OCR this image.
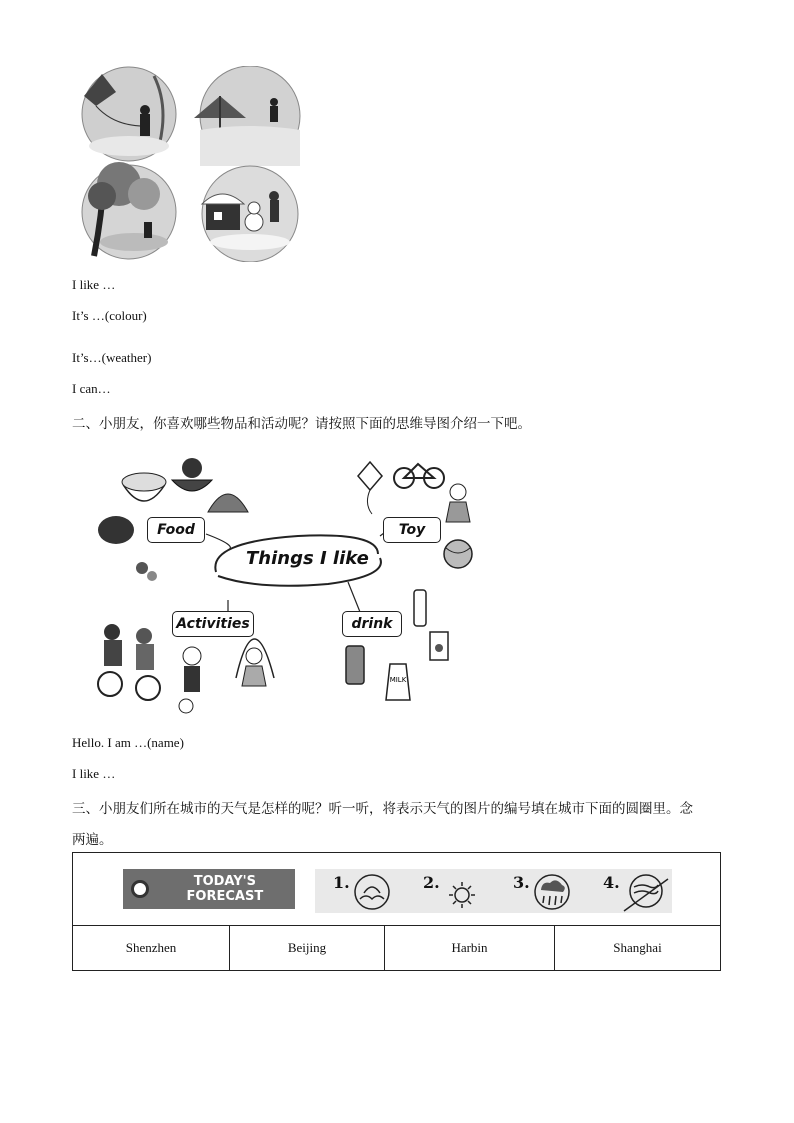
I like …
It’s …(colour)
It’s…(weather)
I can…
二、小朋友，你喜欢哪些物品和活动呢？请按照下面的思维导图介绍一下吧。
MILK
Food	Toy
Activities	drink
Things I like
Hello. I am …(name)
I like …
三、小朋友们所在城市的天气是怎样的呢？听一听，将表示天气的图片的编号填在城市下面的圆圈里。念
两遍。
TODAY'S FORECAST
1.	2.	3.	4.

Shenzhen	Beijing	Harbin	Shanghai
